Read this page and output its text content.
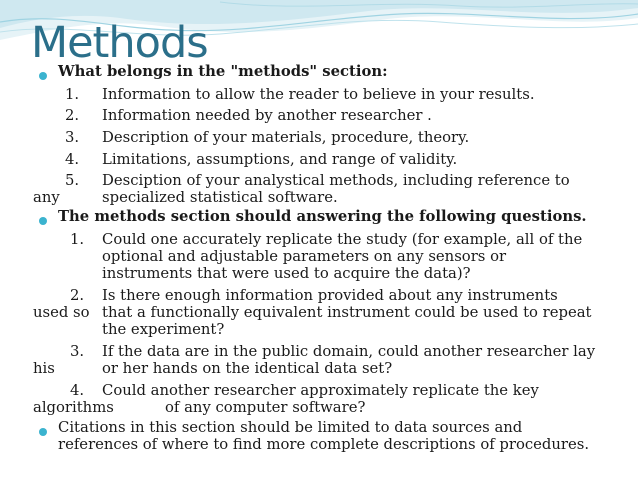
Methods
What belongs in the "methods" section:
1. Information to allow the reader to believe in your results.
2. Information needed by another researcher .
3. Description of your materials, procedure, theory.
4. Limitations, assumptions, and range of validity.
5. Desciption of your analystical methods, including reference to
any	specialized statistical software.
The methods section should answering the following questions.
1. Could one accurately replicate the study (for example, all of the
optional and adjustable parameters on any sensors or
instruments that were used to acquire the data)?
2. Is there enough information provided about any instruments
used so that a functionally equivalent instrument could be used to repeat
the experiment?
3. If the data are in the public domain, could another researcher lay
his	or her hands on the identical data set?
4. Could another researcher approximately replicate the key
algorithms	of any computer software?
Citations in this section should be limited to data sources and
references of where to find more complete descriptions of procedures.
